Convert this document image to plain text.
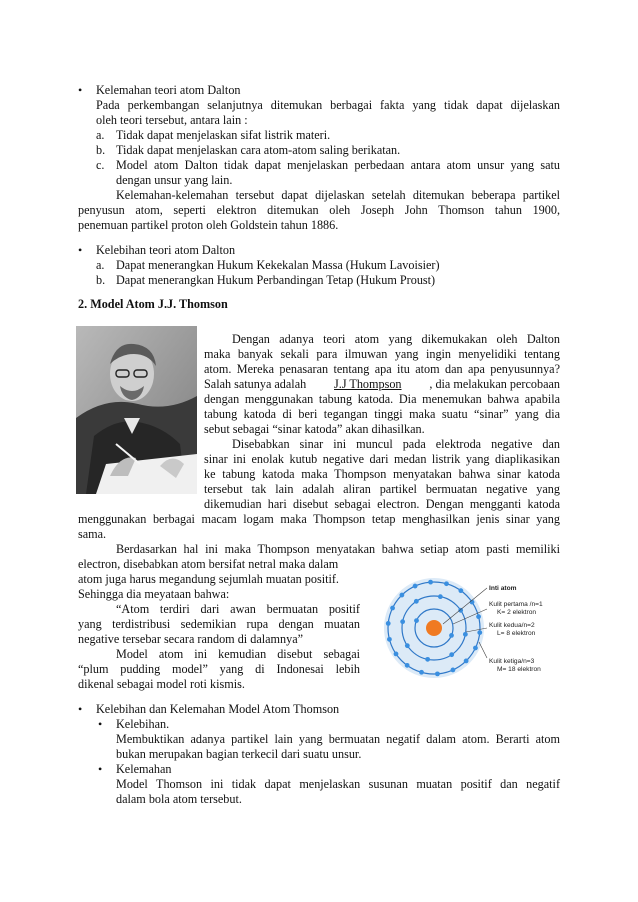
• Kelemahan teori atom Dalton
Pada perkembangan selanjutnya ditemukan berbagai fakta yang tidak dapat dijelaskan
oleh teori tersebut, antara lain :
a. Tidak dapat menjelaskan sifat listrik materi.
b. Tidak dapat menjelaskan cara atom-atom saling berikatan.
c. Model atom Dalton tidak dapat menjelaskan perbedaan antara atom unsur yang satu
dengan unsur yang lain.
Kelemahan-kelemahan tersebut dapat dijelaskan setelah ditemukan beberapa partikel
penyusun atom, seperti elektron ditemukan oleh Joseph John Thomson tahun 1900,
penemuan partikel proton oleh Goldstein tahun 1886.
• Kelebihan teori atom Dalton
a. Dapat menerangkan Hukum Kekekalan Massa (Hukum Lavoisier)
b. Dapat menerangkan Hukum Perbandingan Tetap (Hukum Proust)
2. Model Atom J.J. Thomson
Dengan adanya teori atom yang dikemukakan oleh Dalton
maka banyak sekali para ilmuwan yang ingin menyelidiki tentang
atom. Mereka penasaran tentang apa itu atom dan apa penyusunnya?
Salah satunya adalah J.J Thompson , dia melakukan percobaan
dengan menggunakan tabung katoda. Dia menemukan bahwa apabila
tabung katoda di beri tegangan tinggi maka suatu “sinar” yang dia
sebut sebagai “sinar katoda” akan dihasilkan.
Disebabkan sinar ini muncul pada elektroda negative dan
sinar ini enolak kutub negative dari medan listrik yang diaplikasikan
ke tabung katoda maka Thompson menyatakan bahwa sinar katoda
tersebut tak lain adalah aliran partikel bermuatan negative yang
dikemudian hari disebut sebagai electron. Dengan mengganti katoda
menggunakan berbagai macam logam maka Thompson tetap menghasilkan jenis sinar yang
sama.
Berdasarkan hal ini maka Thompson menyatakan bahwa setiap atom pasti memiliki
electron, disebabkan atom bersifat netral maka dalam
atom juga harus megandung sejumlah muatan positif.
Sehingga dia meyataan bahwa:
“Atom terdiri dari awan bermuatan positif
yang terdistribusi sedemikian rupa dengan muatan
negative tersebar secara random di dalamnya”
Model atom ini kemudian disebut sebagai
“plum pudding model” yang di Indonesai lebih
dikenal sebagai model roti kismis.
Inti atom
Kulit pertama /n=1
K= 2 elektron
Kulit kedua/n=2
L= 8 elektron
Kulit ketiga/n=3
M= 18 elektron
• Kelebihan dan Kelemahan Model Atom Thomson
• Kelebihan.
Membuktikan adanya partikel lain yang bermuatan negatif dalam atom. Berarti atom
bukan merupakan bagian terkecil dari suatu unsur.
• Kelemahan
Model Thomson ini tidak dapat menjelaskan susunan muatan positif dan negatif
dalam bola atom tersebut.
